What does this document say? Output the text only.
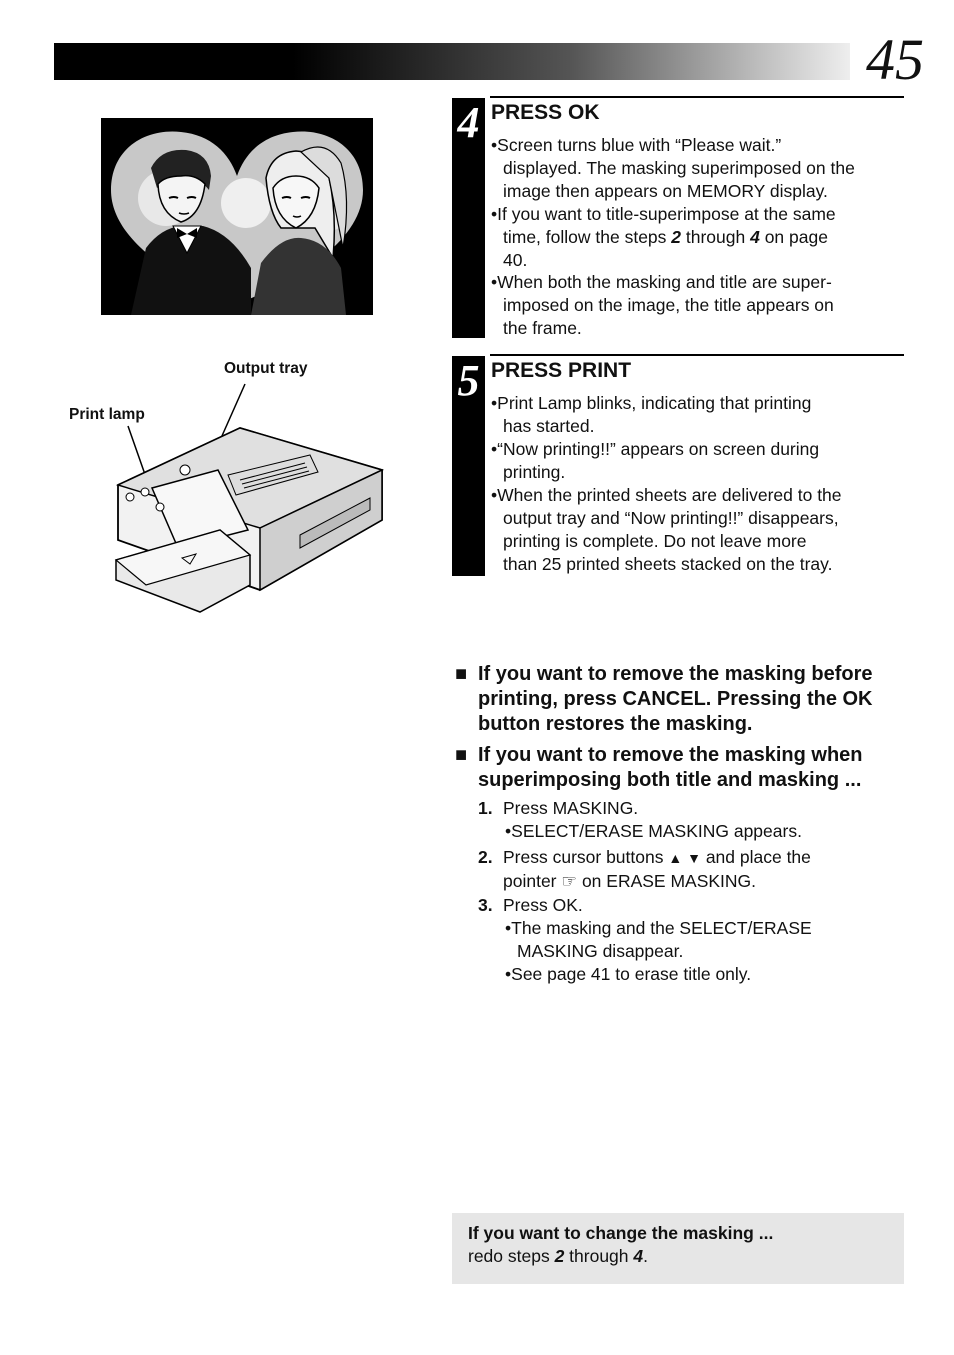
45
Output tray
Print lamp
4 PRESS OK
•Screen turns blue with “Please wait.”
displayed. The masking superimposed on the
image then appears on MEMORY display.
•If you want to title-superimpose at the same
time, follow the steps 2 through 4 on page
40.
•When both the masking and title are super-
imposed on the image, the title appears on
the frame.
5 PRESS PRINT
•Print Lamp blinks, indicating that printing
has started.
•“Now printing!!” appears on screen during
printing.
•When the printed sheets are delivered to the
output tray and “Now printing!!” disappears,
printing is complete. Do not leave more
than 25 printed sheets stacked on the tray.
■ If you want to remove the masking before
printing, press CANCEL. Pressing the OK
button restores the masking.
■ If you want to remove the masking when
superimposing both title and masking ...
1. Press MASKING.
•SELECT/ERASE MASKING appears.
2. Press cursor buttons ▲ ▼ and place the
pointer ☞ on ERASE MASKING.
3. Press OK.
•The masking and the SELECT/ERASE
MASKING disappear.
•See page 41 to erase title only.
If you want to change the masking ...
redo steps 2 through 4.
